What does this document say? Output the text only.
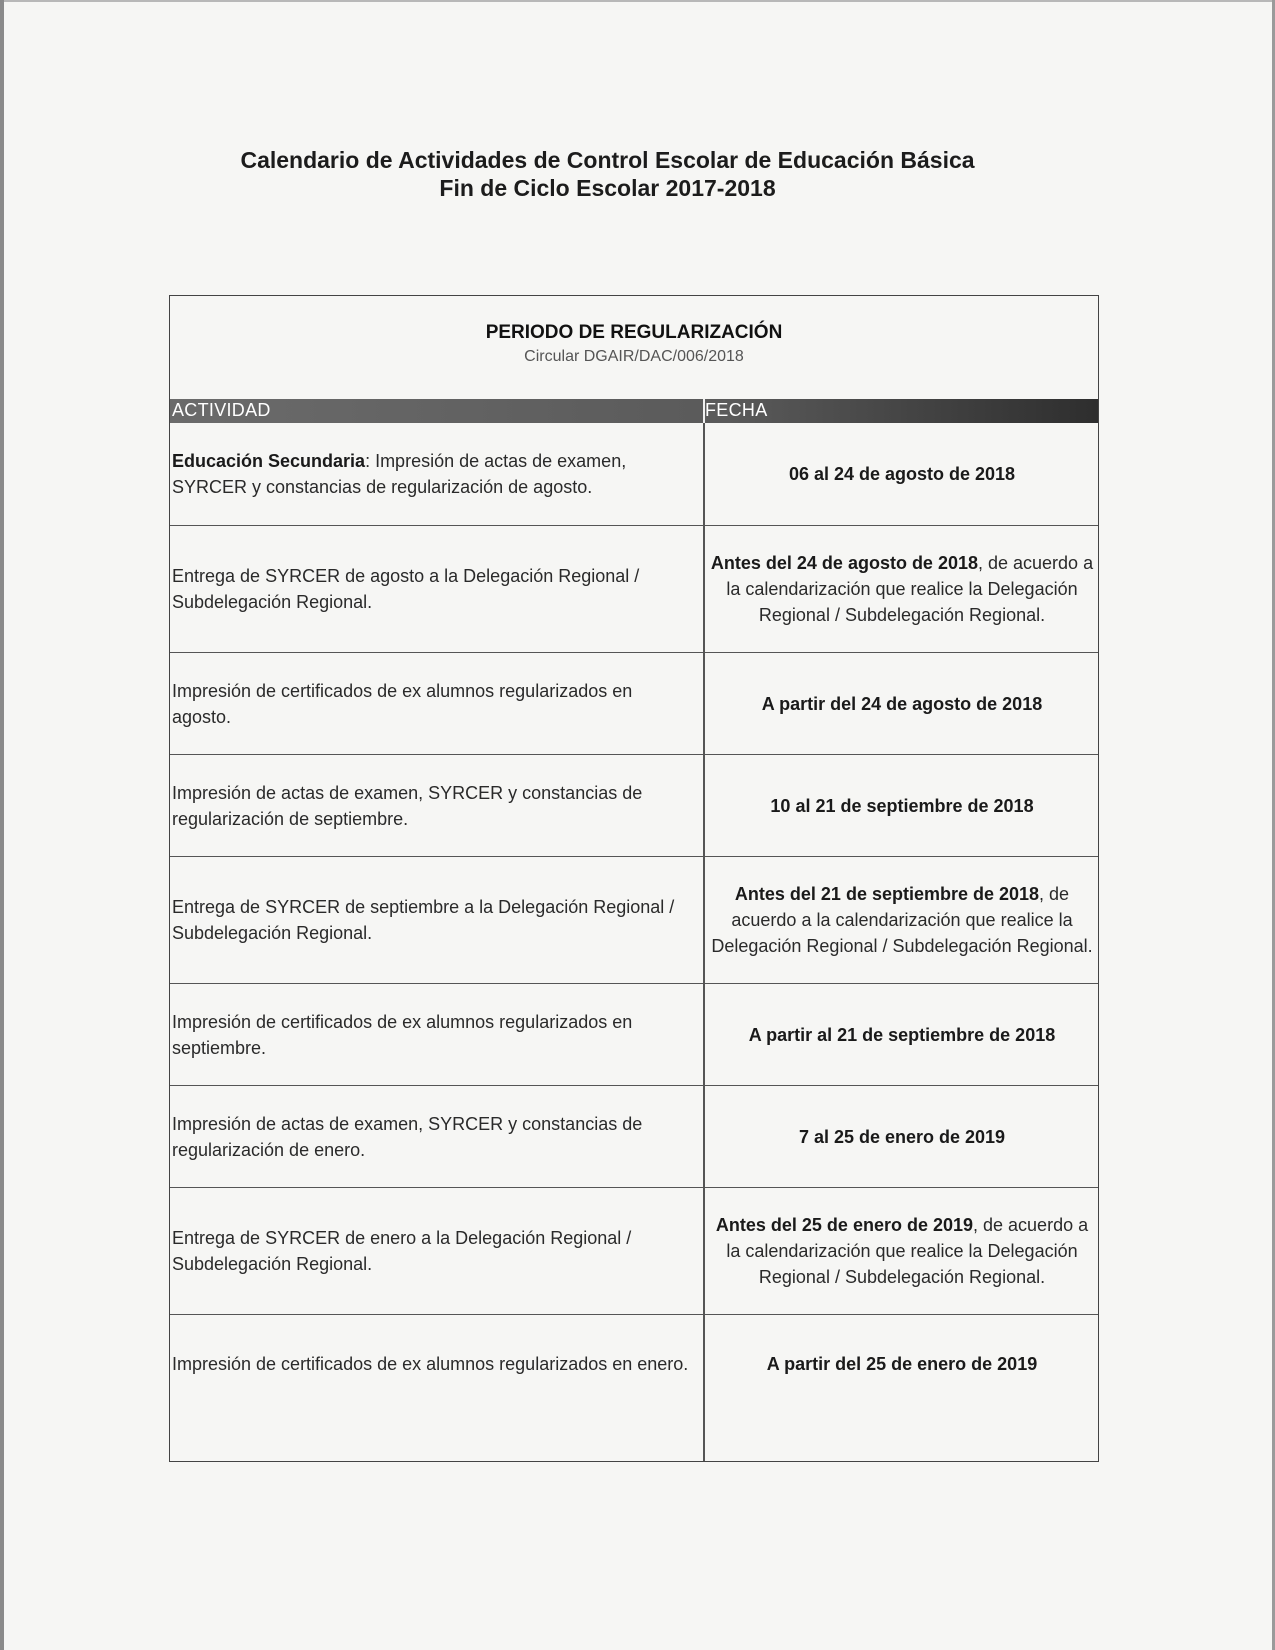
Calendario de Actividades de Control Escolar de Educación Básica
Fin de Ciclo Escolar 2017-2018
PERIODO DE REGULARIZACIÓN
Circular DGAIR/DAC/006/2018
ACTIVIDAD	FECHA
Educación Secundaria: Impresión de actas de examen, SYRCER y constancias de regularización de agosto.
06 al 24 de agosto de 2018
Entrega de SYRCER de agosto a la Delegación Regional / Subdelegación Regional.
Antes del 24 de agosto de 2018, de acuerdo a la calendarización que realice la Delegación Regional / Subdelegación Regional.
Impresión de certificados de ex alumnos regularizados en agosto.
A partir del 24 de agosto de 2018
Impresión de actas de examen, SYRCER y constancias de regularización de septiembre.
10 al 21 de septiembre de 2018
Entrega de SYRCER de septiembre a la Delegación Regional / Subdelegación Regional.
Antes del 21 de septiembre de 2018, de acuerdo a la calendarización que realice la Delegación Regional / Subdelegación Regional.
Impresión de certificados de ex alumnos regularizados en septiembre.
A partir al 21 de septiembre de 2018
Impresión de actas de examen, SYRCER y constancias de regularización de enero.
7 al 25 de enero de 2019
Entrega de SYRCER de enero a la Delegación Regional / Subdelegación Regional.
Antes del 25 de enero de 2019, de acuerdo a la calendarización que realice la Delegación Regional / Subdelegación Regional.
Impresión de certificados de ex alumnos regularizados en enero.	A partir del 25 de enero de 2019
